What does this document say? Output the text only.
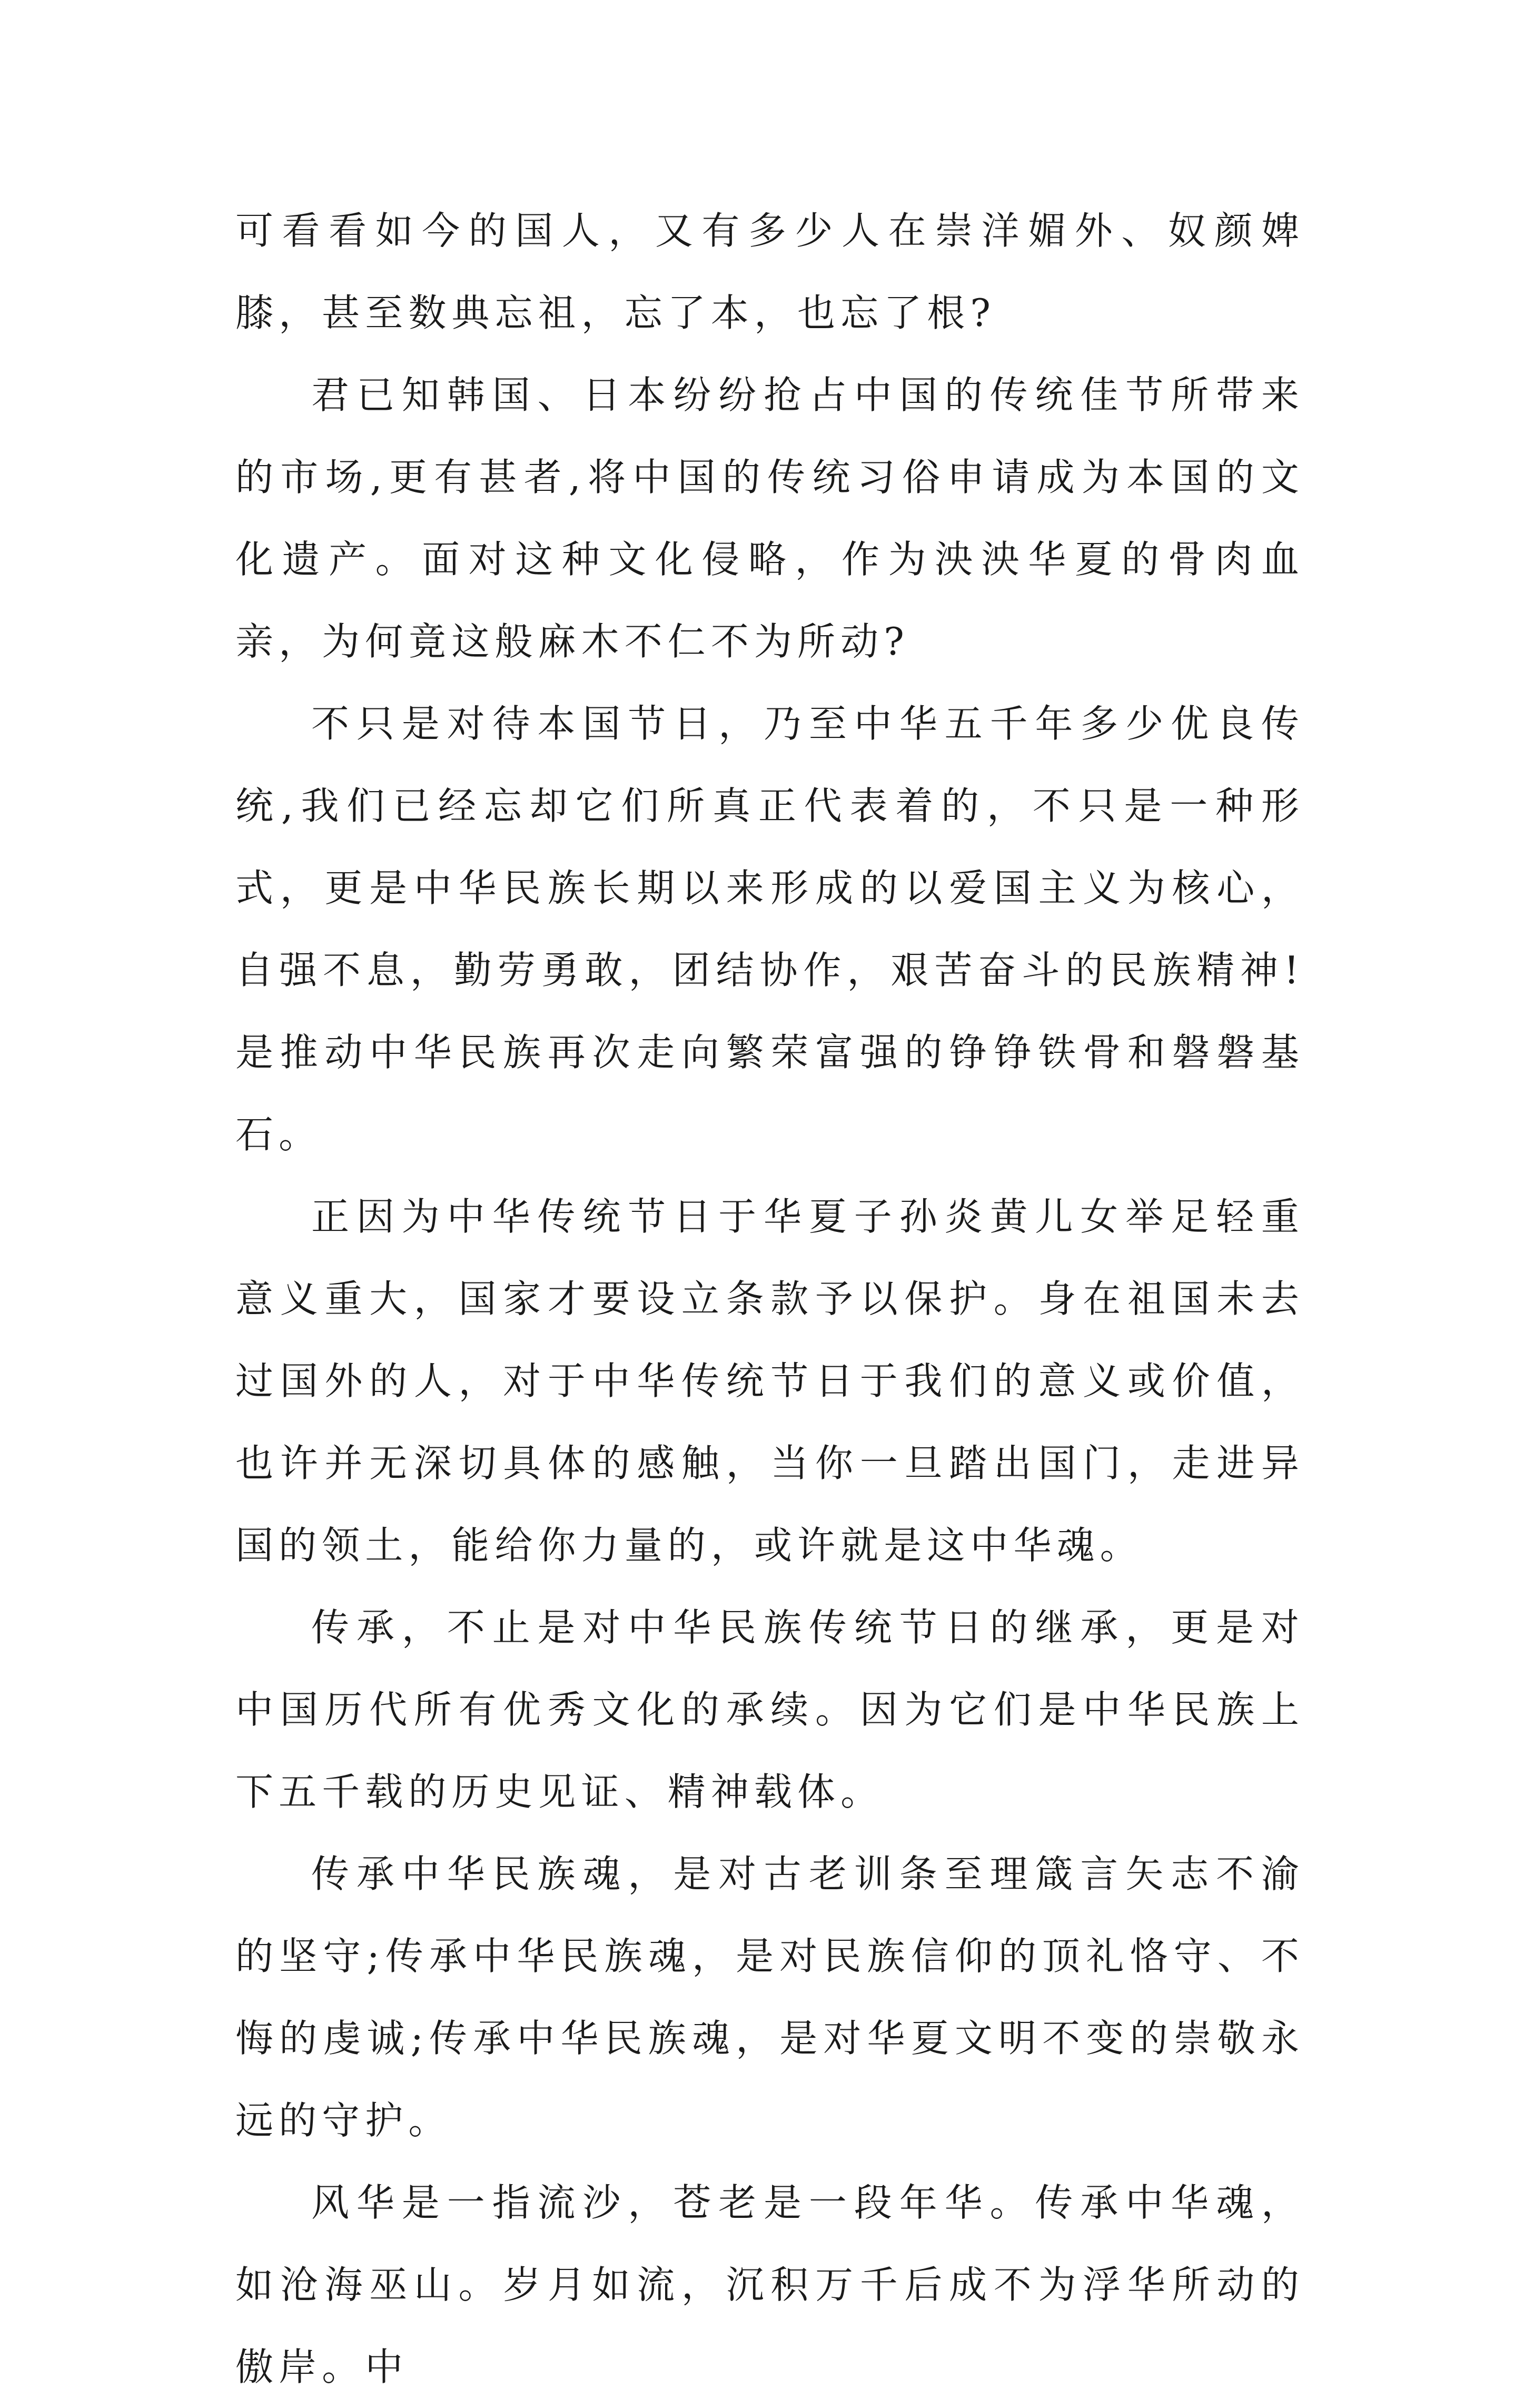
可看看如今的国人，又有多少人在崇洋媚外、奴颜婢膝，甚至数典忘祖，忘了本，也忘了根?

君已知韩国、日本纷纷抢占中国的传统佳节所带来的市场,更有甚者,将中国的传统习俗申请成为本国的文化遗产。面对这种文化侵略，作为泱泱华夏的骨肉血亲，为何竟这般麻木不仁不为所动?

不只是对待本国节日，乃至中华五千年多少优良传统,我们已经忘却它们所真正代表着的，不只是一种形式，更是中华民族长期以来形成的以爱国主义为核心，自强不息，勤劳勇敢，团结协作，艰苦奋斗的民族精神!是推动中华民族再次走向繁荣富强的铮铮铁骨和磐磐基石。

正因为中华传统节日于华夏子孙炎黄儿女举足轻重意义重大，国家才要设立条款予以保护。身在祖国未去过国外的人，对于中华传统节日于我们的意义或价值，也许并无深切具体的感触，当你一旦踏出国门，走进异国的领土，能给你力量的，或许就是这中华魂。

传承，不止是对中华民族传统节日的继承，更是对中国历代所有优秀文化的承续。因为它们是中华民族上下五千载的历史见证、精神载体。

传承中华民族魂，是对古老训条至理箴言矢志不渝的坚守;传承中华民族魂，是对民族信仰的顶礼恪守、不悔的虔诚;传承中华民族魂，是对华夏文明不变的崇敬永远的守护。

风华是一指流沙，苍老是一段年华。传承中华魂，如沧海巫山。岁月如流，沉积万千后成不为浮华所动的傲岸。中
